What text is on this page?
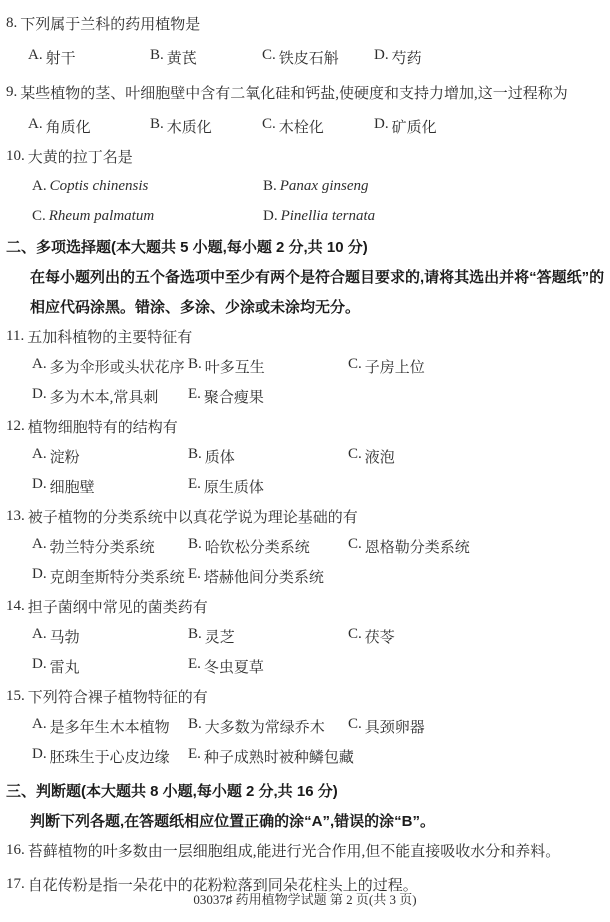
8. 下列属于兰科的药用植物是
A. 射干	B. 黄芪	C. 铁皮石斛 D. 芍药
9. 某些植物的茎、叶细胞壁中含有二氧化硅和钙盐,使硬度和支持力增加,这一过程称为
A. 角质化	B. 木质化	C. 木栓化	D. 矿质化
10. 大黄的拉丁名是
A. Coptis chinensis	B. Panax ginseng
C. Rheum palmatum	D. Pinellia ternata
二、多项选择题(本大题共 5 小题,每小题 2 分,共 10 分)
在每小题列出的五个备选项中至少有两个是符合题目要求的,请将其选出并将“答题纸”的
相应代码涂黑。错涂、多涂、少涂或未涂均无分。
11. 五加科植物的主要特征有
A. 多为伞形或头状花序 B. 叶多互生	C. 子房上位
D. 多为木本,常具刺 E. 聚合瘦果
12. 植物细胞特有的结构有
A. 淀粉	B. 质体	C. 液泡
D. 细胞壁	E. 原生质体
13. 被子植物的分类系统中以真花学说为理论基础的有
A. 勃兰特分类系统 B. 哈钦松分类系统	C. 恩格勒分类系统
D. 克朗奎斯特分类系统 E. 塔赫他间分类系统
14. 担子菌纲中常见的菌类药有
A. 马勃	B. 灵芝	C. 茯苓
D. 雷丸	E. 冬虫夏草
15. 下列符合裸子植物特征的有
A. 是多年生木本植物 B. 大多数为常绿乔木 C. 具颈卵器
D. 胚珠生于心皮边缘 E. 种子成熟时被种鳞包藏
三、判断题(本大题共 8 小题,每小题 2 分,共 16 分)
判断下列各题,在答题纸相应位置正确的涂“A”,错误的涂“B”。
16. 苔藓植物的叶多数由一层细胞组成,能进行光合作用,但不能直接吸收水分和养料。
17. 自花传粉是指一朵花中的花粉粒落到同朵花柱头上的过程。
03037♯ 药用植物学试题 第 2 页(共 3 页)
